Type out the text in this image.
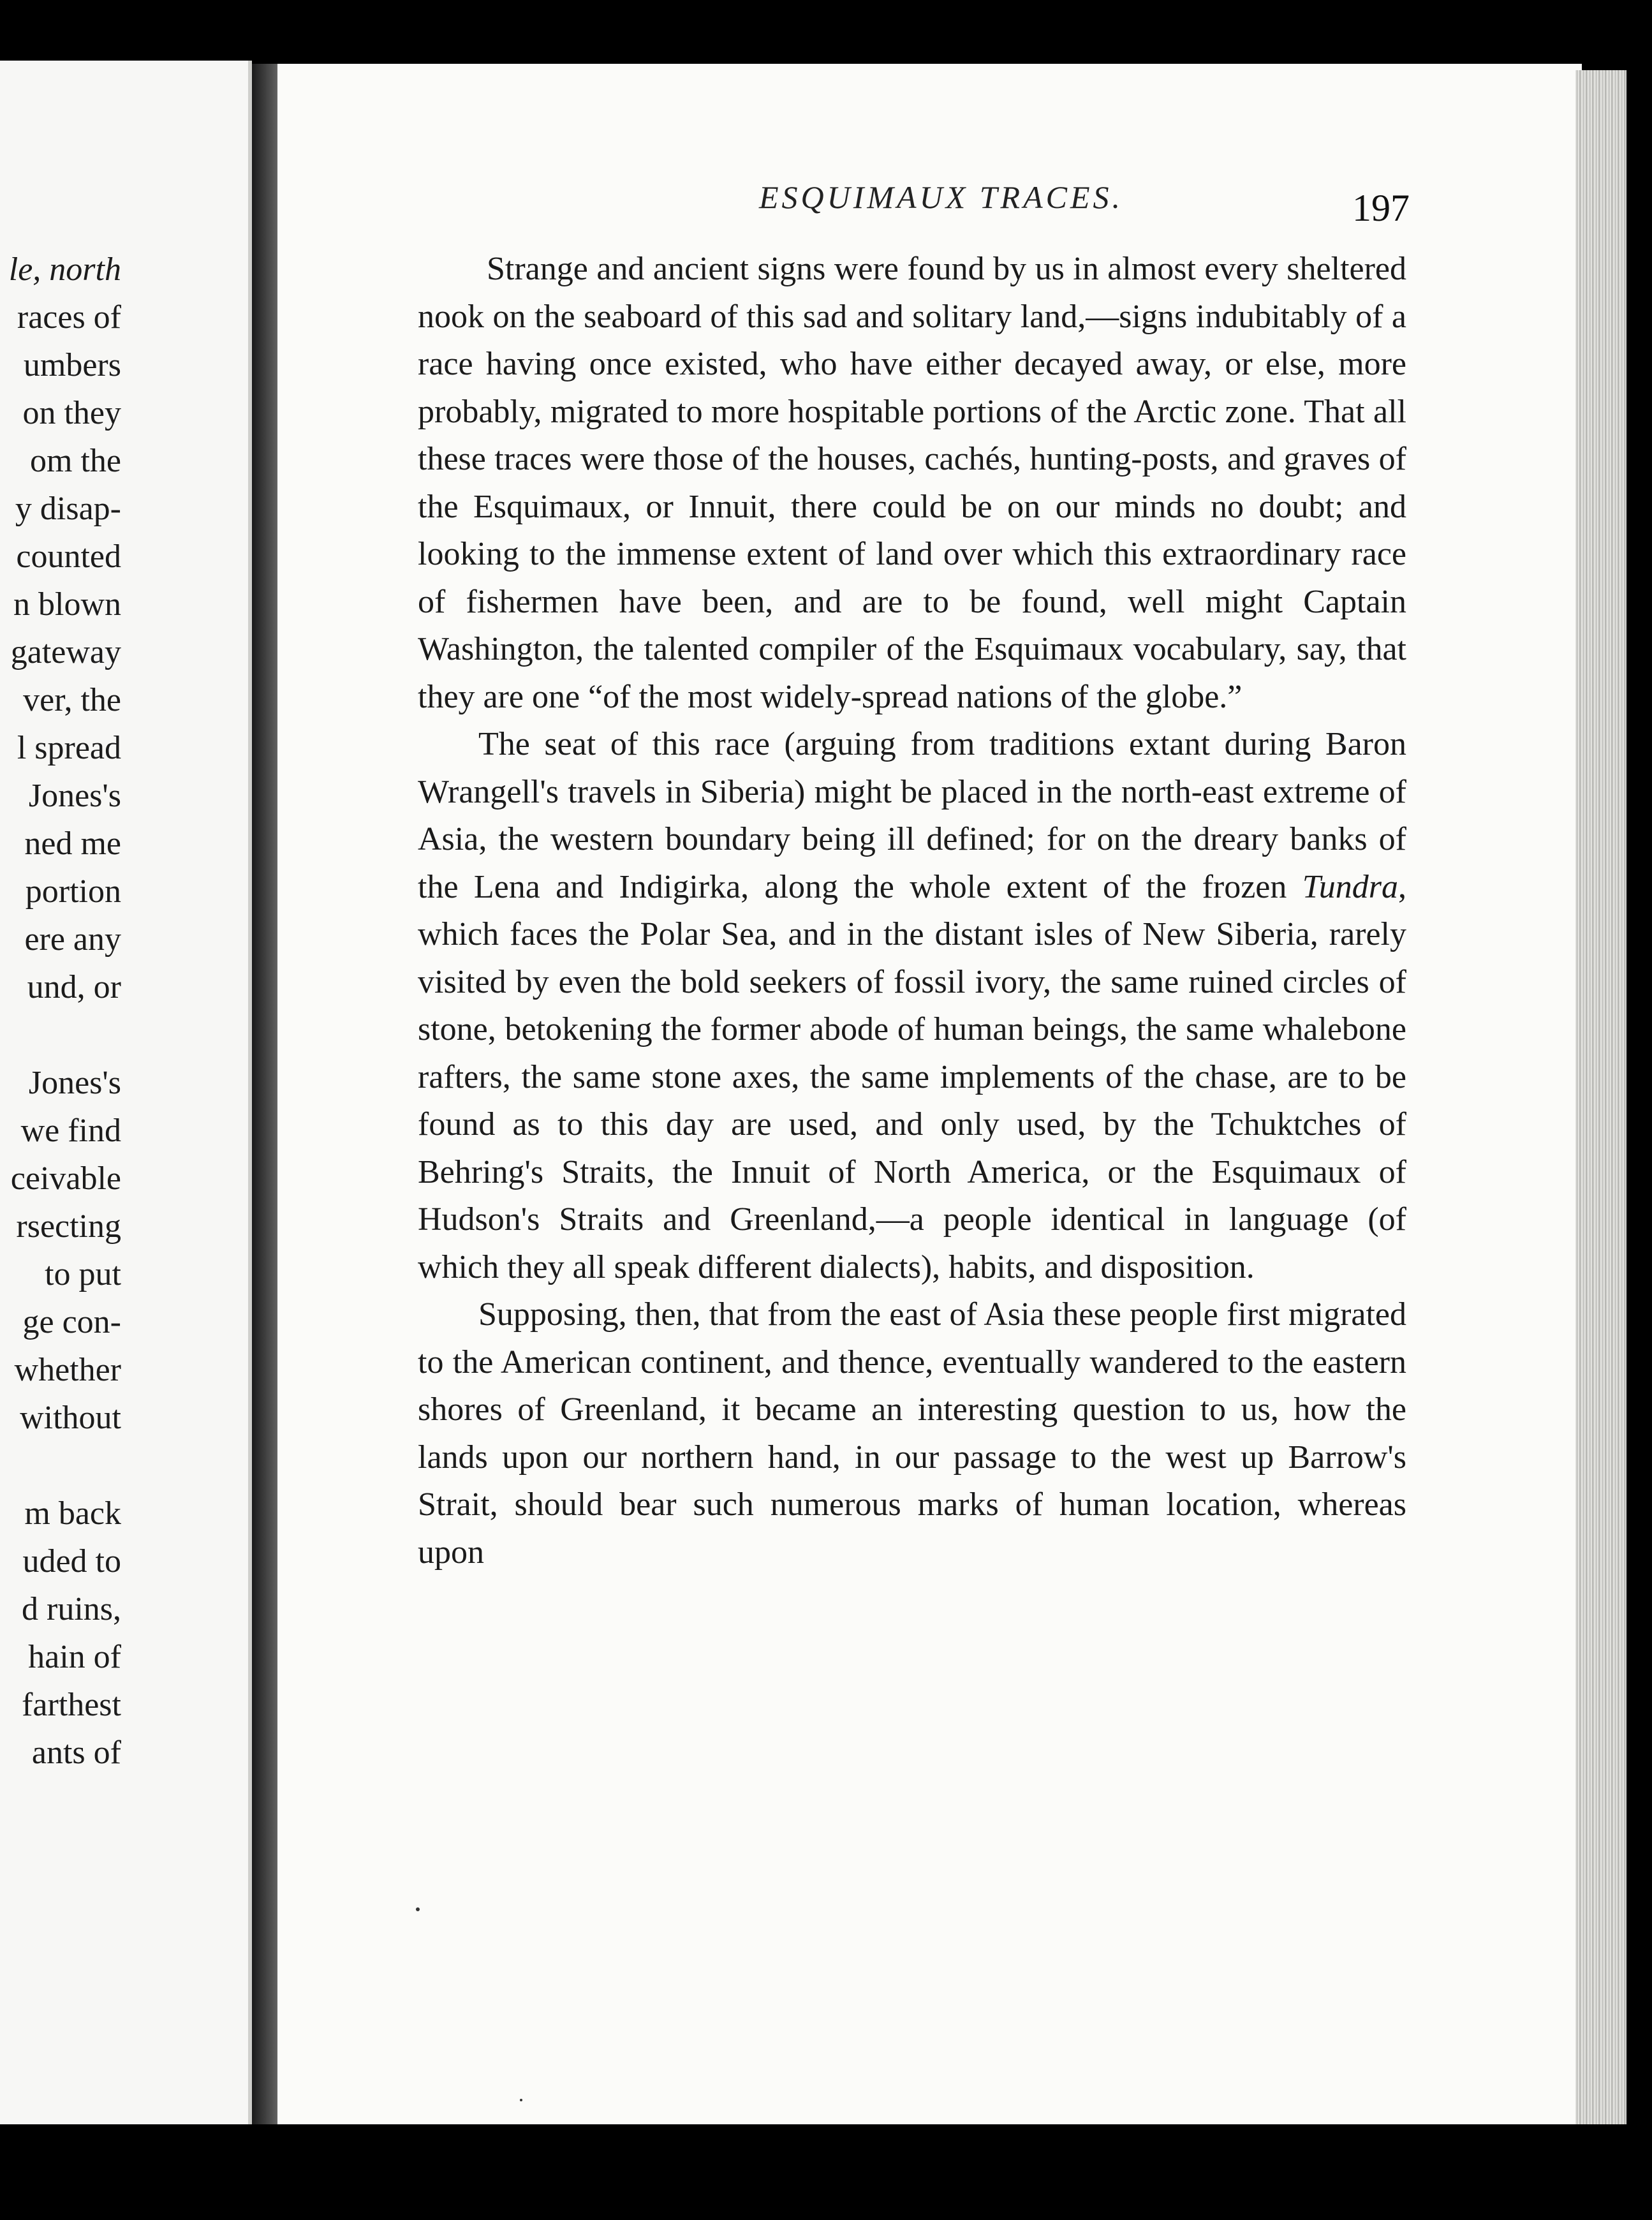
le, north
races of
umbers
on they
om the
y disap-
counted
n blown
gateway
ver, the
l spread
Jones's
ned me
portion
ere any
und, or
Jones's
we find
ceivable
rsecting
to put
ge con-
whether
without
m back
uded to
d ruins,
hain of
farthest
ants of
ESQUIMAUX TRACES.	197

Strange and ancient signs were found by us in almost every sheltered nook on the seaboard of this sad and solitary land,—signs indubitably of a race having once existed, who have either decayed away, or else, more probably, migrated to more hospitable portions of the Arctic zone. That all these traces were those of the houses, cachés, hunting-posts, and graves of the Esquimaux, or Innuit, there could be on our minds no doubt; and looking to the immense extent of land over which this extraordinary race of fishermen have been, and are to be found, well might Captain Washington, the talented compiler of the Esquimaux vocabulary, say, that they are one “of the most widely-spread nations of the globe.”

The seat of this race (arguing from traditions extant during Baron Wrangell's travels in Siberia) might be placed in the north-east extreme of Asia, the western boundary being ill defined; for on the dreary banks of the Lena and Indigirka, along the whole extent of the frozen Tundra, which faces the Polar Sea, and in the distant isles of New Siberia, rarely visited by even the bold seekers of fossil ivory, the same ruined circles of stone, betokening the former abode of human beings, the same whalebone rafters, the same stone axes, the same implements of the chase, are to be found as to this day are used, and only used, by the Tchuktches of Behring's Straits, the Innuit of North America, or the Esquimaux of Hudson's Straits and Greenland,—a people identical in language (of which they all speak different dialects), habits, and disposition.

Supposing, then, that from the east of Asia these people first migrated to the American continent, and thence, eventually wandered to the eastern shores of Greenland, it became an interesting question to us, how the lands upon our northern hand, in our passage to the west up Barrow's Strait, should bear such numerous marks of human location, whereas upon
